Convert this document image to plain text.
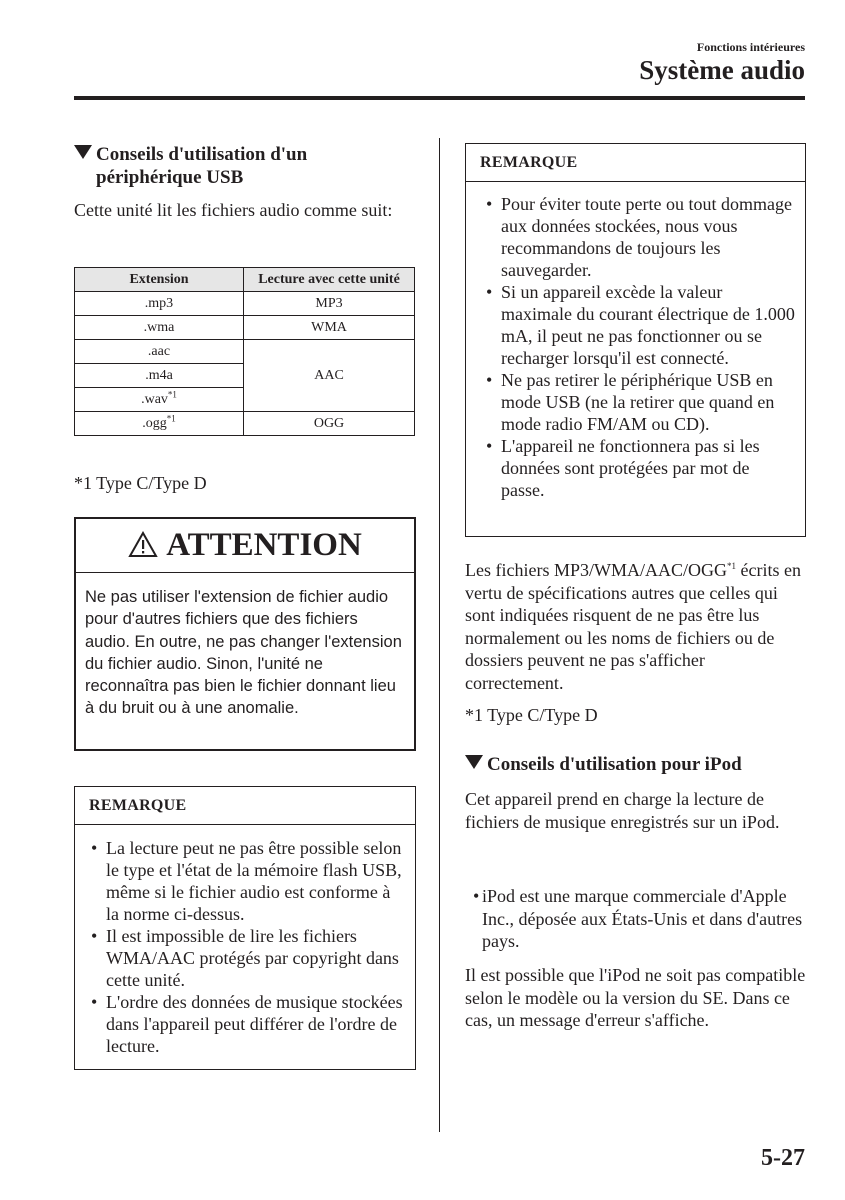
Fonctions intérieures
Système audio
Conseils d'utilisation d'un
périphérique USB
Cette unité lit les fichiers audio comme suit:
Extension	Lecture avec cette unité
.mp3	MP3
.wma	WMA
.aac	AAC
.m4a	
.wav$^{*1}$
.ogg$^{*1}$	OGG
*1 Type C/Type D
ATTENTION
Ne pas utiliser l'extension de fichier audio pour d'autres fichiers que des fichiers audio. En outre, ne pas changer l'extension du fichier audio. Sinon, l'unité ne reconnaîtra pas bien le fichier donnant lieu à du bruit ou à une anomalie.
REMARQUE
• La lecture peut ne pas être possible selon le type et l'état de la mémoire flash USB, même si le fichier audio est conforme à la norme ci-dessus.
• Il est impossible de lire les fichiers WMA/AAC protégés par copyright dans cette unité.
• L'ordre des données de musique stockées dans l'appareil peut différer de l'ordre de lecture.
REMARQUE
• Pour éviter toute perte ou tout dommage aux données stockées, nous vous recommandons de toujours les sauvegarder.
• Si un appareil excède la valeur maximale du courant électrique de 1.000 mA, il peut ne pas fonctionner ou se recharger lorsqu'il est connecté.
• Ne pas retirer le périphérique USB en mode USB (ne la retirer que quand en mode radio FM/AM ou CD).
• L'appareil ne fonctionnera pas si les données sont protégées par mot de passe.
Les fichiers MP3/WMA/AAC/OGG$^{*1}$ écrits en vertu de spécifications autres que celles qui sont indiquées risquent de ne pas être lus normalement ou les noms de fichiers ou de dossiers peuvent ne pas s'afficher correctement.
*1 Type C/Type D
Conseils d'utilisation pour iPod
Cet appareil prend en charge la lecture de fichiers de musique enregistrés sur un iPod.
• iPod est une marque commerciale d'Apple Inc., déposée aux États-Unis et dans d'autres pays.
Il est possible que l'iPod ne soit pas compatible selon le modèle ou la version du SE. Dans ce cas, un message d'erreur s'affiche.
5-27
